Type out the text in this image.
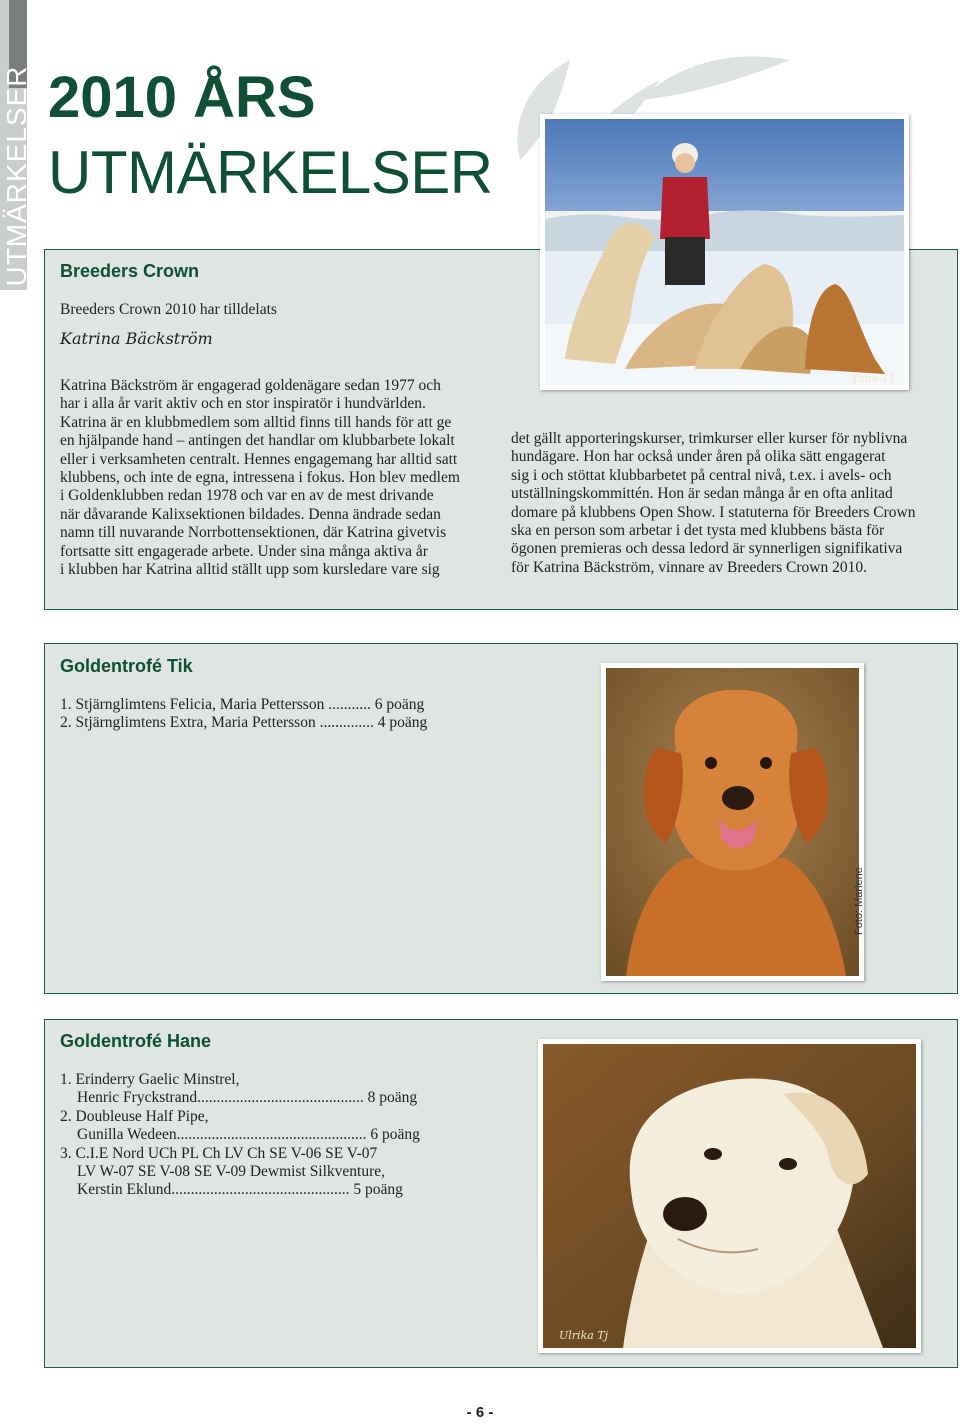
UTMÄRKELSER 2010 ÅRS
UTMÄRKELSER
Breeders Crown
Breeders Crown 2010 har tilldelats
Katrina Bäckström
Katrina Bäckström är engagerad goldenägare sedan 1977 och
har i alla år varit aktiv och en stor inspiratör i hundvärlden.
Katrina är en klubbmedlem som alltid finns till hands för att ge
en hjälpande hand – antingen det handlar om klubbarbete lokalt
eller i verksamheten centralt. Hennes engagemang har alltid satt
klubbens, och inte de egna, intressena i fokus. Hon blev medlem
i Goldenklubben redan 1978 och var en av de mest drivande
när dåvarande Kalixsektionen bildades. Denna ändrade sedan
namn till nuvarande Norrbottensektionen, där Katrina givetvis
fortsatte sitt engagerade arbete. Under sina många aktiva år
i klubben har Katrina alltid ställt upp som kursledare vare sig
det gällt apporteringskurser, trimkurser eller kurser för nyblivna
hundägare. Hon har också under åren på olika sätt engagerat
sig i och stöttat klubbarbetet på central nivå, t.ex. i avels- och
utställningskommittén. Hon är sedan många år en ofta anlitad
domare på klubbens Open Show. I statuterna för Breeders Crown
ska en person som arbetar i det tysta med klubbens bästa för
ögonen premieras och dessa ledord är synnerligen signifikativa
för Katrina Bäckström, vinnare av Breeders Crown 2010.
Yana-11
Goldentrofé Tik
1. Stjärnglimtens Felicia, Maria Pettersson ........... 6 poäng
2. Stjärnglimtens Extra, Maria Pettersson .............. 4 poäng
Foto: Marlene
Goldentrofé Hane
1. Erinderry Gaelic Minstrel,
Henric Fryckstrand........................................... 8 poäng
2. Doubleuse Half Pipe,
Gunilla Wedeen................................................. 6 poäng
3. C.I.E Nord UCh PL Ch LV Ch SE V-06 SE V-07
LV W-07 SE V-08 SE V-09 Dewmist Silkventure,
Kerstin Eklund.............................................. 5 poäng
Ulrika Tj
- 6 -
